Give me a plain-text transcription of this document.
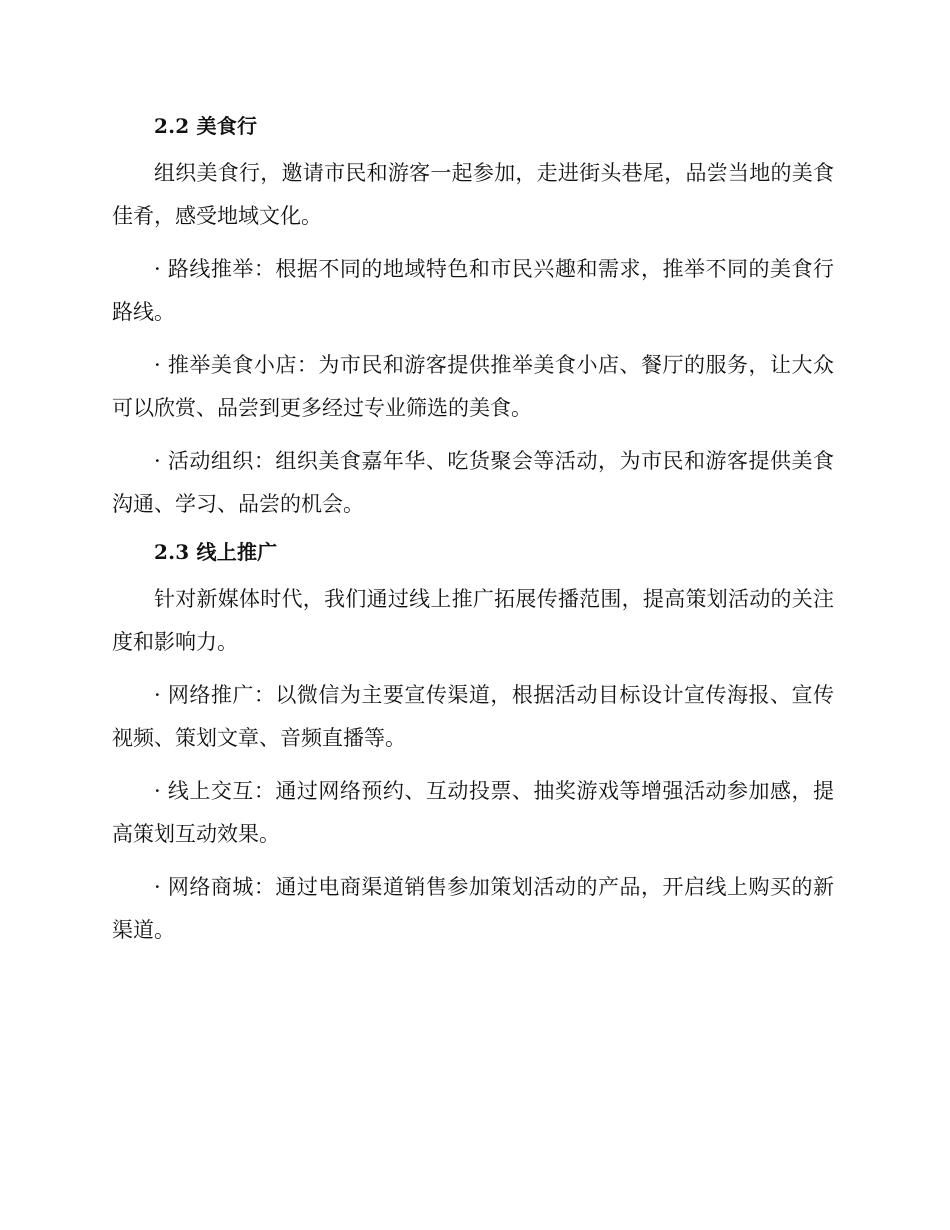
2.2 美食行

组织美食行，邀请市民和游客一起参加，走进街头巷尾，品尝当地的美食佳肴，感受地域文化。

· 路线推举：根据不同的地域特色和市民兴趣和需求，推举不同的美食行路线。

· 推举美食小店：为市民和游客提供推举美食小店、餐厅的服务，让大众可以欣赏、品尝到更多经过专业筛选的美食。

· 活动组织：组织美食嘉年华、吃货聚会等活动，为市民和游客提供美食沟通、学习、品尝的机会。

2.3 线上推广

针对新媒体时代，我们通过线上推广拓展传播范围，提高策划活动的关注度和影响力。

· 网络推广：以微信为主要宣传渠道，根据活动目标设计宣传海报、宣传视频、策划文章、音频直播等。

· 线上交互：通过网络预约、互动投票、抽奖游戏等增强活动参加感，提高策划互动效果。

· 网络商城：通过电商渠道销售参加策划活动的产品，开启线上购买的新渠道。
